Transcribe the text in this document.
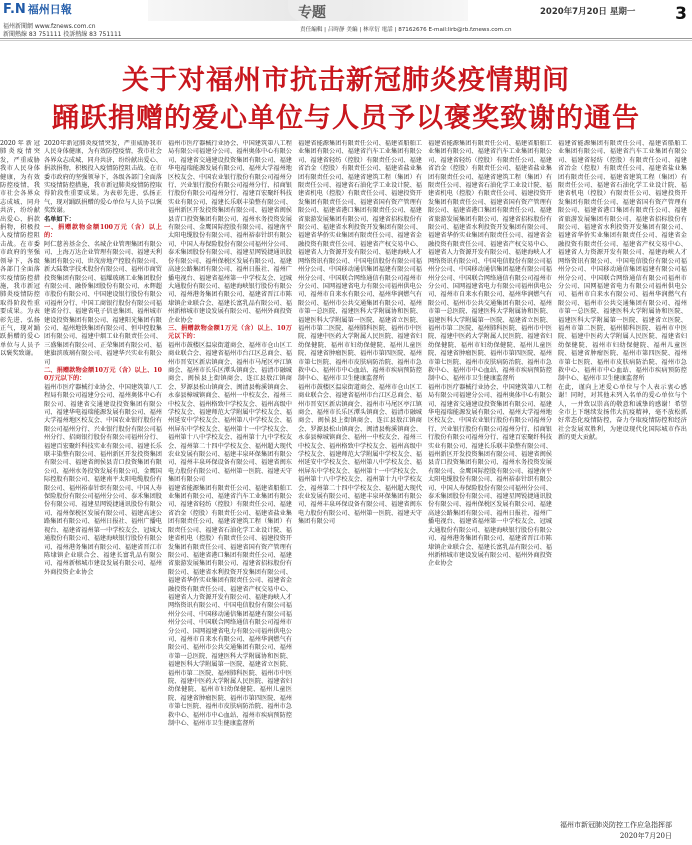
F.N 福州日報
福州新聞網 www.fznews.com.cn
新聞熱線 83 751111 投訴熱線 83 751111
专题
責任編輯 | 吕時靜 美編 | 林章衍 電話 | 87162676 E-mail:lirb@rb.fznews.com.cn
2020年7月20日 星期一 3
关于对福州市抗击新冠肺炎疫情期间
踊跃捐赠的爱心单位与人员予以褒奖致谢的通告

2020年新冠肺炎疫情突发，严重威胁我市人民身体健康，为有效防控疫情，我市社会各界众志成城、同舟共济，纷纷献出爱心、捐款捐物，积极投入疫情防控阻击战。在市委市政府的坚强领导下，各级各部门全面落实疫情防控措施，我市新冠肺炎疫情防控取得阶段性重要成果。为表彰先进、弘扬正气，现对踊跃捐赠的爱心单位与人员予以褒奖致谢。

2020年新冠肺炎疫情突发，严重威胁我市人民身体健康，为有效防控疫情，我市社会各界众志成城、同舟共济，纷纷献出爱心、捐款捐物，积极投入疫情防控阻击战。在市委市政府的坚强领导下，各级各部门全面落实疫情防控措施，我市新冠肺炎疫情防控取得阶段性重要成果。为表彰先进、弘扬正气，现对踊跃捐赠的爱心单位与人员予以褒奖致谢。

名单如下：

一、捐赠款物金额100万元（含）以上的：

阿仁慈善基金会、名城企业管理集团有限公司、上海万达企业管理有限公司、福建天利集团有限公司、世茂房地产控股有限公司、新大陆数字技术股份有限公司、福州市商贸投资集团有限公司、福耀玻璃工业集团股份有限公司、融侨集团股份有限公司、永辉超市股份有限公司、中国建设银行股份有限公司福州分行、中国工商银行股份有限公司福建省分行、福建省电子信息集团、福州城市建设投资集团有限公司、福建阳光集团有限公司、福州地铁集团有限公司、恒申控股集团有限公司、福建中烟工业有限责任公司、三盛集团有限公司、正荣集团有限公司、福建旗滨玻璃有限公司、福建华兴实业有限公司

二、捐赠款物金额10万元（含）以上、100万元以下的：

福州市医疗器械行业协会、中国建筑第八工程局有限公司福建分公司、福州奥体中心有限公司、福建省交通建设投资集团有限公司、福建华电福瑞能源发展有限公司、福州大学福州地区校友会、中国农业银行股份有限公司福州分行、兴业银行股份有限公司福州分行、招商银行股份有限公司福州分行、福建百宏聚纤科技实业有限公司、福建长乐联丰染整有限公司、福州新区开发投资集团有限公司、福建省闽侯县青口投资集团有限公司、福州水务投资发展有限公司、金鹰国际控股有限公司、福建南平太阳电缆股份有限公司、福州裕泰针织有限公司、中国人寿保险股份有限公司福州分公司、泰禾集团股份有限公司、福建星网锐捷通讯股份有限公司、福州保税区发展有限公司、福建高速公路集团有限公司、福州日报社、福州广播电视台、福建省福州第一中学校友会、冠城大通股份有限公司、福建海峡银行股份有限公司、福州港务集团有限公司、福建省晋江市陈埭镇企业联合会、福建长富乳品有限公司、福州新榕城市建设发展有限公司、福州外商投资企业协会

福州市医疗器械行业协会、中国建筑第八工程局有限公司福建分公司、福州奥体中心有限公司、福建省交通建设投资集团有限公司、福建华电福瑞能源发展有限公司、福州大学福州地区校友会、中国农业银行股份有限公司福州分行、兴业银行股份有限公司福州分行、招商银行股份有限公司福州分行、福建百宏聚纤科技实业有限公司、福建长乐联丰染整有限公司、福州新区开发投资集团有限公司、福建省闽侯县青口投资集团有限公司、福州水务投资发展有限公司、金鹰国际控股有限公司、福建南平太阳电缆股份有限公司、福州裕泰针织有限公司、中国人寿保险股份有限公司福州分公司、泰禾集团股份有限公司、福建星网锐捷通讯股份有限公司、福州保税区发展有限公司、福建高速公路集团有限公司、福州日报社、福州广播电视台、福建省福州第一中学校友会、冠城大通股份有限公司、福建海峡银行股份有限公司、福州港务集团有限公司、福建省晋江市陈埭镇企业联合会、福建长富乳品有限公司、福州新榕城市建设发展有限公司、福州外商投资企业协会

三、捐赠款物金额1万元（含）以上、10万元以下的：

福州市鼓楼区温泉街道商会、福州市仓山区工商业联合会、福建省福州市台江区总商会、福州市晋安区新店镇商会、福州市马尾区亭江镇商会、福州市长乐区潭头镇商会、福清市融城商会、闽侯县上街镇商会、连江县敖江镇商会、罗源县松山镇商会、闽清县梅溪镇商会、永泰县樟城镇商会、福州一中校友会、福州三中校友会、福州格致中学校友会、福州高级中学校友会、福建师范大学附属中学校友会、福州延安中学校友会、福州第八中学校友会、福州屏东中学校友会、福州第十一中学校友会、福州第十八中学校友会、福州第十九中学校友会、福州第二十四中学校友会、福州超大现代农业发展有限公司、福建丰泉环保集团有限公司、福州丰泉环保设备有限公司、福建省闽东电力股份有限公司、福州第一医院、福建天守集团有限公司

福建省能源集团有限责任公司、福建省船舶工业集团有限公司、福建省汽车工业集团有限公司、福建省轻纺（控股）有限责任公司、福建省冶金（控股）有限责任公司、福建省盐业集团有限责任公司、福建省建筑工程（集团）有限责任公司、福建省石油化学工业设计院、福建省机电（控股）有限责任公司、福建投资开发集团有限责任公司、福建省国有资产管理有限公司、福建省港口集团有限责任公司、福建省旅游发展集团有限公司、福建省招标股份有限公司、福建省水利投资开发集团有限公司、福建省华侨实业集团有限责任公司、福建省金融投资有限责任公司、福建省产权交易中心、福建省人力资源开发有限公司、福建海峡人才网络资讯有限公司、中国电信股份有限公司福州分公司、中国移动通信集团福建有限公司福州分公司、中国联合网络通信有限公司福州市分公司、国网福建省电力有限公司福州供电公司、福州市自来水有限公司、福州华润燃气有限公司、福州市公共交通集团有限公司、福州市第一总医院、福建医科大学附属协和医院、福建医科大学附属第一医院、福建省立医院、福州市第二医院、福州肺科医院、福州市中医院、福建中医药大学附属人民医院、福建省妇幼保健院、福州市妇幼保健院、福州儿童医院、福建省肿瘤医院、福州市第四医院、福州市第七医院、福州市皮肤病防治院、福州市急救中心、福州市中心血站、福州市疾病预防控制中心、福州市卫生健康监督所

福建省能源集团有限责任公司、福建省船舶工业集团有限公司、福建省汽车工业集团有限公司、福建省轻纺（控股）有限责任公司、福建省冶金（控股）有限责任公司、福建省盐业集团有限责任公司、福建省建筑工程（集团）有限责任公司、福建省石油化学工业设计院、福建省机电（控股）有限责任公司、福建投资开发集团有限责任公司、福建省国有资产管理有限公司、福建省港口集团有限责任公司、福建省旅游发展集团有限公司、福建省招标股份有限公司、福建省水利投资开发集团有限公司、福建省华侨实业集团有限责任公司、福建省金融投资有限责任公司、福建省产权交易中心、福建省人力资源开发有限公司、福建海峡人才网络资讯有限公司、中国电信股份有限公司福州分公司、中国移动通信集团福建有限公司福州分公司、中国联合网络通信有限公司福州市分公司、国网福建省电力有限公司福州供电公司、福州市自来水有限公司、福州华润燃气有限公司、福州市公共交通集团有限公司、福州市第一总医院、福建医科大学附属协和医院、福建医科大学附属第一医院、福建省立医院、福州市第二医院、福州肺科医院、福州市中医院、福建中医药大学附属人民医院、福建省妇幼保健院、福州市妇幼保健院、福州儿童医院、福建省肿瘤医院、福州市第四医院、福州市第七医院、福州市皮肤病防治院、福州市急救中心、福州市中心血站、福州市疾病预防控制中心、福州市卫生健康监督所

福州市鼓楼区温泉街道商会、福州市仓山区工商业联合会、福建省福州市台江区总商会、福州市晋安区新店镇商会、福州市马尾区亭江镇商会、福州市长乐区潭头镇商会、福清市融城商会、闽侯县上街镇商会、连江县敖江镇商会、罗源县松山镇商会、闽清县梅溪镇商会、永泰县樟城镇商会、福州一中校友会、福州三中校友会、福州格致中学校友会、福州高级中学校友会、福建师范大学附属中学校友会、福州延安中学校友会、福州第八中学校友会、福州屏东中学校友会、福州第十一中学校友会、福州第十八中学校友会、福州第十九中学校友会、福州第二十四中学校友会、福州超大现代农业发展有限公司、福建丰泉环保集团有限公司、福州丰泉环保设备有限公司、福建省闽东电力股份有限公司、福州第一医院、福建天守集团有限公司

福建省能源集团有限责任公司、福建省船舶工业集团有限公司、福建省汽车工业集团有限公司、福建省轻纺（控股）有限责任公司、福建省冶金（控股）有限责任公司、福建省盐业集团有限责任公司、福建省建筑工程（集团）有限责任公司、福建省石油化学工业设计院、福建省机电（控股）有限责任公司、福建投资开发集团有限责任公司、福建省国有资产管理有限公司、福建省港口集团有限责任公司、福建省旅游发展集团有限公司、福建省招标股份有限公司、福建省水利投资开发集团有限公司、福建省华侨实业集团有限责任公司、福建省金融投资有限责任公司、福建省产权交易中心、福建省人力资源开发有限公司、福建海峡人才网络资讯有限公司、中国电信股份有限公司福州分公司、中国移动通信集团福建有限公司福州分公司、中国联合网络通信有限公司福州市分公司、国网福建省电力有限公司福州供电公司、福州市自来水有限公司、福州华润燃气有限公司、福州市公共交通集团有限公司、福州市第一总医院、福建医科大学附属协和医院、福建医科大学附属第一医院、福建省立医院、福州市第二医院、福州肺科医院、福州市中医院、福建中医药大学附属人民医院、福建省妇幼保健院、福州市妇幼保健院、福州儿童医院、福建省肿瘤医院、福州市第四医院、福州市第七医院、福州市皮肤病防治院、福州市急救中心、福州市中心血站、福州市疾病预防控制中心、福州市卫生健康监督所

福州市医疗器械行业协会、中国建筑第八工程局有限公司福建分公司、福州奥体中心有限公司、福建省交通建设投资集团有限公司、福建华电福瑞能源发展有限公司、福州大学福州地区校友会、中国农业银行股份有限公司福州分行、兴业银行股份有限公司福州分行、招商银行股份有限公司福州分行、福建百宏聚纤科技实业有限公司、福建长乐联丰染整有限公司、福州新区开发投资集团有限公司、福建省闽侯县青口投资集团有限公司、福州水务投资发展有限公司、金鹰国际控股有限公司、福建南平太阳电缆股份有限公司、福州裕泰针织有限公司、中国人寿保险股份有限公司福州分公司、泰禾集团股份有限公司、福建星网锐捷通讯股份有限公司、福州保税区发展有限公司、福建高速公路集团有限公司、福州日报社、福州广播电视台、福建省福州第一中学校友会、冠城大通股份有限公司、福建海峡银行股份有限公司、福州港务集团有限公司、福建省晋江市陈埭镇企业联合会、福建长富乳品有限公司、福州新榕城市建设发展有限公司、福州外商投资企业协会

福建省能源集团有限责任公司、福建省船舶工业集团有限公司、福建省汽车工业集团有限公司、福建省轻纺（控股）有限责任公司、福建省冶金（控股）有限责任公司、福建省盐业集团有限责任公司、福建省建筑工程（集团）有限责任公司、福建省石油化学工业设计院、福建省机电（控股）有限责任公司、福建投资开发集团有限责任公司、福建省国有资产管理有限公司、福建省港口集团有限责任公司、福建省旅游发展集团有限公司、福建省招标股份有限公司、福建省水利投资开发集团有限公司、福建省华侨实业集团有限责任公司、福建省金融投资有限责任公司、福建省产权交易中心、福建省人力资源开发有限公司、福建海峡人才网络资讯有限公司、中国电信股份有限公司福州分公司、中国移动通信集团福建有限公司福州分公司、中国联合网络通信有限公司福州市分公司、国网福建省电力有限公司福州供电公司、福州市自来水有限公司、福州华润燃气有限公司、福州市公共交通集团有限公司、福州市第一总医院、福建医科大学附属协和医院、福建医科大学附属第一医院、福建省立医院、福州市第二医院、福州肺科医院、福州市中医院、福建中医药大学附属人民医院、福建省妇幼保健院、福州市妇幼保健院、福州儿童医院、福建省肿瘤医院、福州市第四医院、福州市第七医院、福州市皮肤病防治院、福州市急救中心、福州市中心血站、福州市疾病预防控制中心、福州市卫生健康监督所

在此，谨向上述爱心单位与个人表示衷心感谢！同时，对其他未列入名单的爱心单位与个人，一并致以崇高的敬意和诚挚的感谢！希望全市上下继续发扬伟大抗疫精神，毫不放松抓好常态化疫情防控，奋力夺取疫情防控和经济社会发展双胜利，为建设现代化国际城市作出新的更大贡献。

福州市新冠肺炎防控工作应急指挥部
2020年7月20日
